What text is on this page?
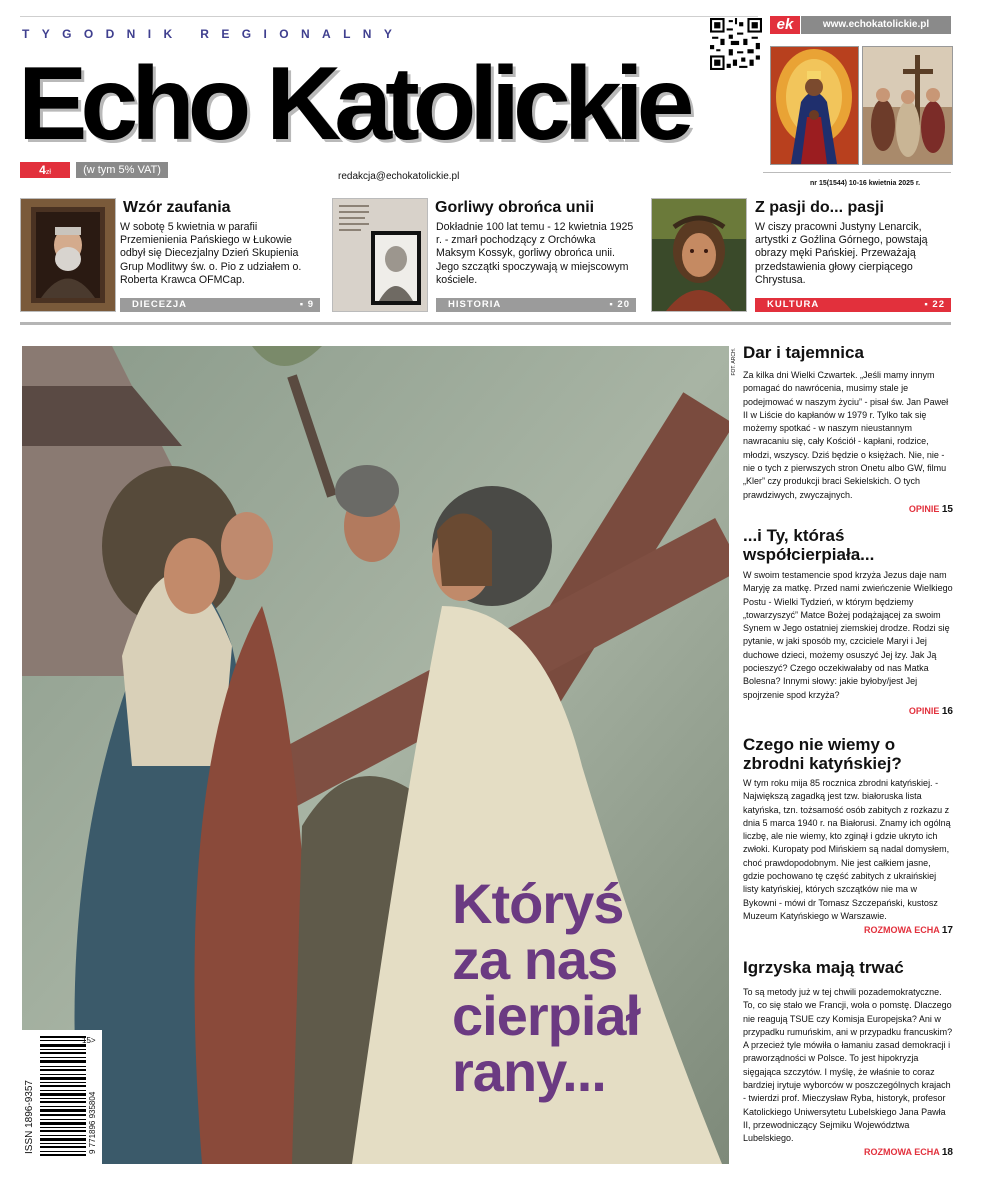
TYGODNIK REGIONALNY
Echo Katolickie
4zł	(w tym 5% VAT)
redakcja@echokatolickie.pl
ek	www.echokatolickie.pl
nr 15(1544) 10-16 kwietnia 2025 r.
Wzór zaufania
W sobotę 5 kwietnia w parafii Przemienienia Pańskiego w Łukowie odbył się Diecezjalny Dzień Skupienia Grup Modlitwy św. o. Pio z udziałem o. Roberta Krawca OFMCap.
DIECEZJA	▪ 9
Gorliwy obrońca unii
Dokładnie 100 lat temu - 12 kwietnia 1925 r. - zmarł pochodzący z Orchówka Maksym Kossyk, gorliwy obrońca unii. Jego szczątki spoczywają w miejscowym kościele.
HISTORIA	▪ 20
Z pasji do... pasji
W ciszy pracowni Justyny Lenarcik, artystki z Goźlina Górnego, powstają obrazy męki Pańskiej. Przeważają przedstawienia głowy cierpiącego Chrystusa.
KULTURA	▪ 22
FOT. ARCH.
Któryś
za nas
cierpiał
rany...
ISSN 1896-9357	9 771896 935804
15>
Dar i tajemnica
Za kilka dni Wielki Czwartek. „Jeśli mamy innym pomagać do nawrócenia, musimy stale je podejmować w naszym życiu” - pisał św. Jan Paweł II w Liście do kapłanów w 1979 r. Tylko tak się możemy spotkać - w naszym nieustannym nawracaniu się, cały Kościół - kapłani, rodzice, młodzi, wszyscy. Dziś będzie o księżach. Nie, nie - nie o tych z pierwszych stron Onetu albo GW, filmu „Kler” czy produkcji braci Sekielskich. O tych prawdziwych, zwyczajnych.
OPINIE 15
...i Ty, któraś współcierpiała...
W swoim testamencie spod krzyża Jezus daje nam Maryję za matkę. Przed nami zwieńczenie Wielkiego Postu - Wielki Tydzień, w którym będziemy „towarzyszyć” Matce Bożej podążającej za swoim Synem w Jego ostatniej ziemskiej drodze. Rodzi się pytanie, w jaki sposób my, czciciele Maryi i Jej duchowe dzieci, możemy osuszyć Jej łzy. Jak Ją pocieszyć? Czego oczekiwałaby od nas Matka Bolesna? Innymi słowy: jakie byłoby/jest Jej spojrzenie spod krzyża?
OPINIE 16
Czego nie wiemy o zbrodni katyńskiej?
W tym roku mija 85 rocznica zbrodni katyńskiej. - Największą zagadką jest tzw. białoruska lista katyńska, tzn. tożsamość osób zabitych z rozkazu z dnia 5 marca 1940 r. na Białorusi. Znamy ich ogólną liczbę, ale nie wiemy, kto zginął i gdzie ukryto ich zwłoki. Kuropaty pod Mińskiem są nadal domysłem, choć prawdopodobnym. Nie jest całkiem jasne, gdzie pochowano tę część zabitych z ukraińskiej listy katyńskiej, których szczątków nie ma w Bykowni - mówi dr Tomasz Szczepański, kustosz Muzeum Katyńskiego w Warszawie.
ROZMOWA ECHA 17
Igrzyska mają trwać
To są metody już w tej chwili pozademokratyczne. To, co się stało we Francji, woła o pomstę. Dlaczego nie reagują TSUE czy Komisja Europejska? Ani w przypadku rumuńskim, ani w przypadku francuskim? A przecież tyle mówiła o łamaniu zasad demokracji i praworządności w Polsce. To jest hipokryzja sięgająca szczytów. I myślę, że właśnie to coraz bardziej irytuje wyborców w poszczególnych krajach - twierdzi prof. Mieczysław Ryba, historyk, profesor Katolickiego Uniwersytetu Lubelskiego Jana Pawła II, przewodniczący Sejmiku Województwa Lubelskiego.
ROZMOWA ECHA 18
